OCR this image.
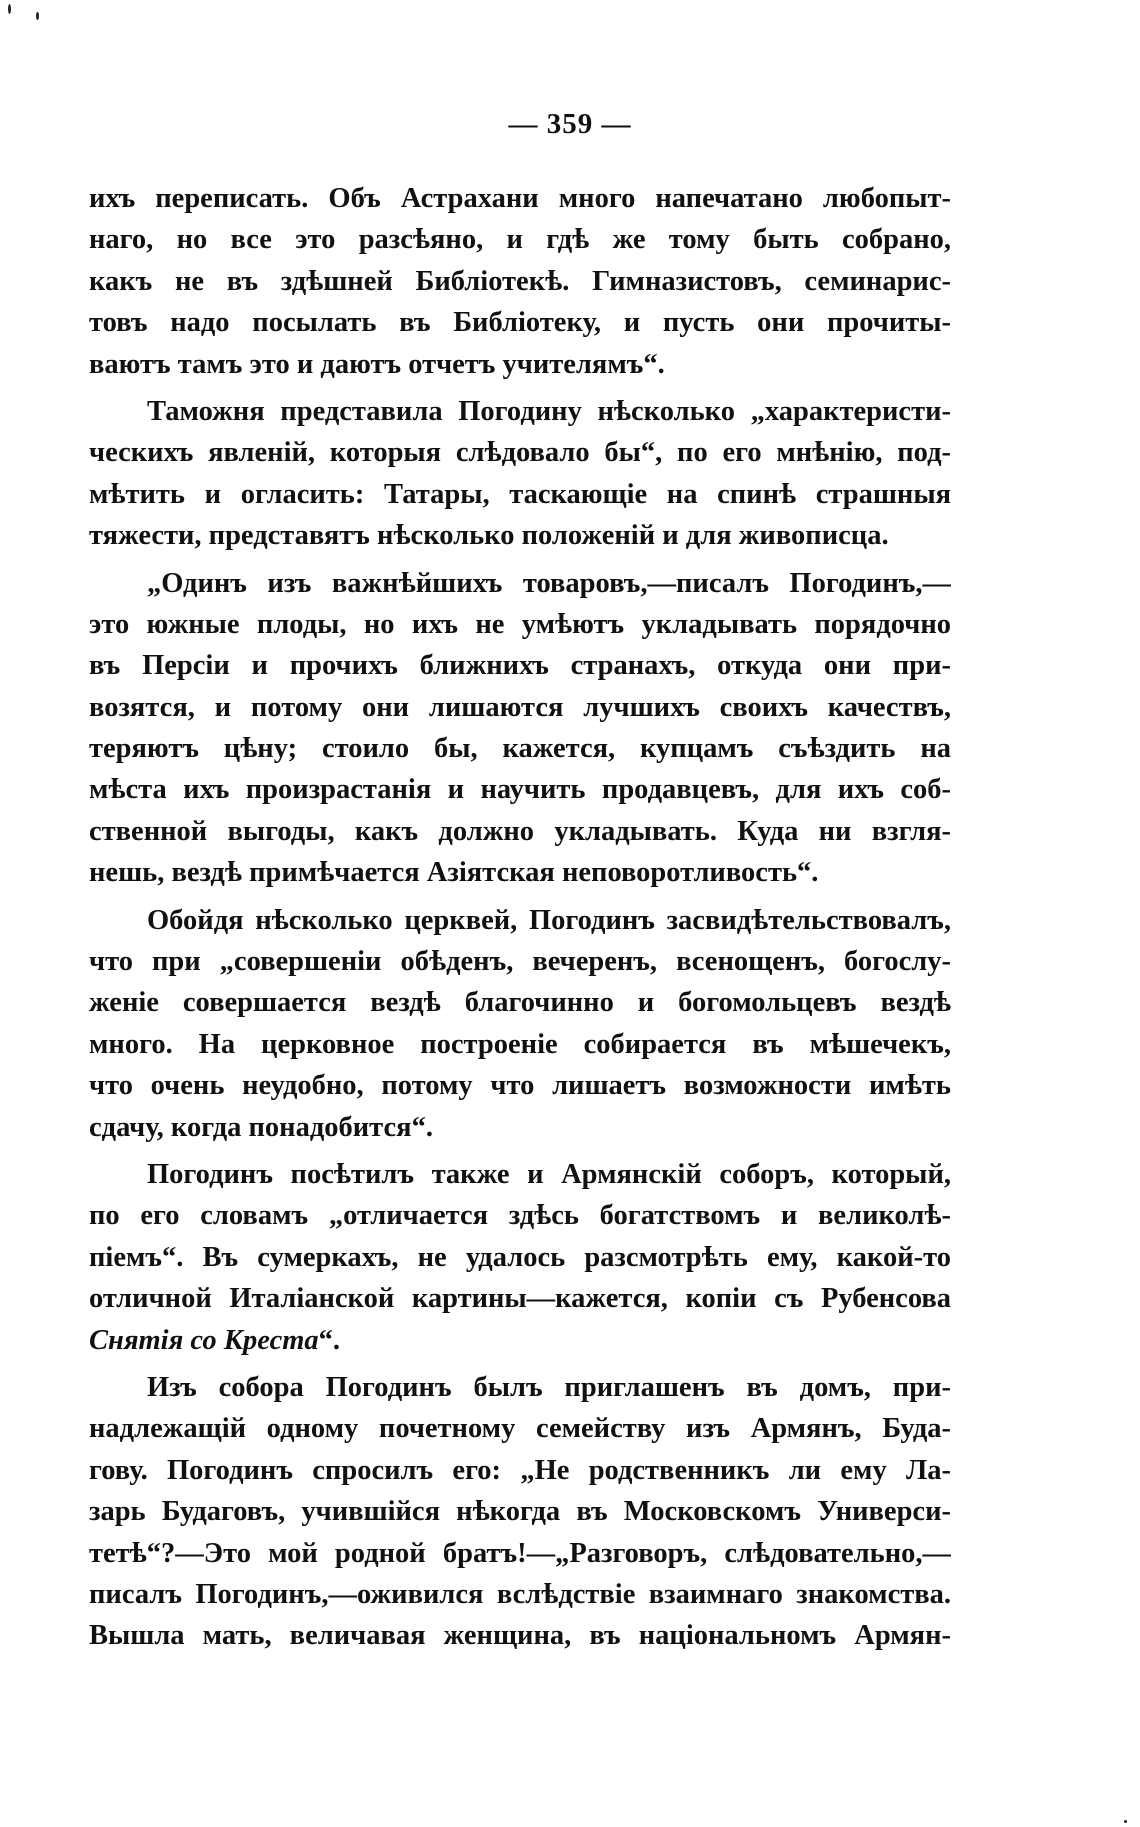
— 359 —
ихъ переписать. Объ Астрахани много напечатано любопыт-
наго, но все это разсѣяно, и гдѣ же тому быть собрано,
какъ не въ здѣшней Библіотекѣ. Гимназистовъ, семинарис-
товъ надо посылать въ Библіотеку, и пусть они прочиты-
ваютъ тамъ это и даютъ отчетъ учителямъ“.
Таможня представила Погодину нѣсколько „характеристи-
ческихъ явленій, которыя слѣдовало бы“, по его мнѣнію, под-
мѣтить и огласить: Татары, таскающіе на спинѣ страшныя
тяжести, представятъ нѣсколько положеній и для живописца.
„Одинъ изъ важнѣйшихъ товаровъ,—писалъ Погодинъ,—
это южные плоды, но ихъ не умѣютъ укладывать порядочно
въ Персіи и прочихъ ближнихъ странахъ, откуда они при-
возятся, и потому они лишаются лучшихъ своихъ качествъ,
теряютъ цѣну; стоило бы, кажется, купцамъ съѣздить на
мѣста ихъ произрастанія и научить продавцевъ, для ихъ соб-
ственной выгоды, какъ должно укладывать. Куда ни взгля-
нешь, вездѣ примѣчается Азіятская неповоротливость“.
Обойдя нѣсколько церквей, Погодинъ засвидѣтельствовалъ,
что при „совершеніи обѣденъ, вечеренъ, всенощенъ, богослу-
женіе совершается вездѣ благочинно и богомольцевъ вездѣ
много. На церковное построеніе собирается въ мѣшечекъ,
что очень неудобно, потому что лишаетъ возможности имѣть
сдачу, когда понадобится“.
Погодинъ посѣтилъ также и Армянскій соборъ, который,
по его словамъ „отличается здѣсь богатствомъ и великолѣ-
піемъ“. Въ сумеркахъ, не удалось разсмотрѣть ему, какой-то
отличной Италіанской картины—кажется, копіи съ Рубенсова
Снятія со Креста“.
Изъ собора Погодинъ былъ приглашенъ въ домъ, при-
надлежащій одному почетному семейству изъ Армянъ, Буда-
гову. Погодинъ спросилъ его: „Не родственникъ ли ему Ла-
зарь Будаговъ, учившійся нѣкогда въ Московскомъ Универси-
тетѣ“?—Это мой родной братъ!—„Разговоръ, слѣдовательно,—
писалъ Погодинъ,—оживился вслѣдствіе взаимнаго знакомства.
Вышла мать, величавая женщина, въ національномъ Армян-
